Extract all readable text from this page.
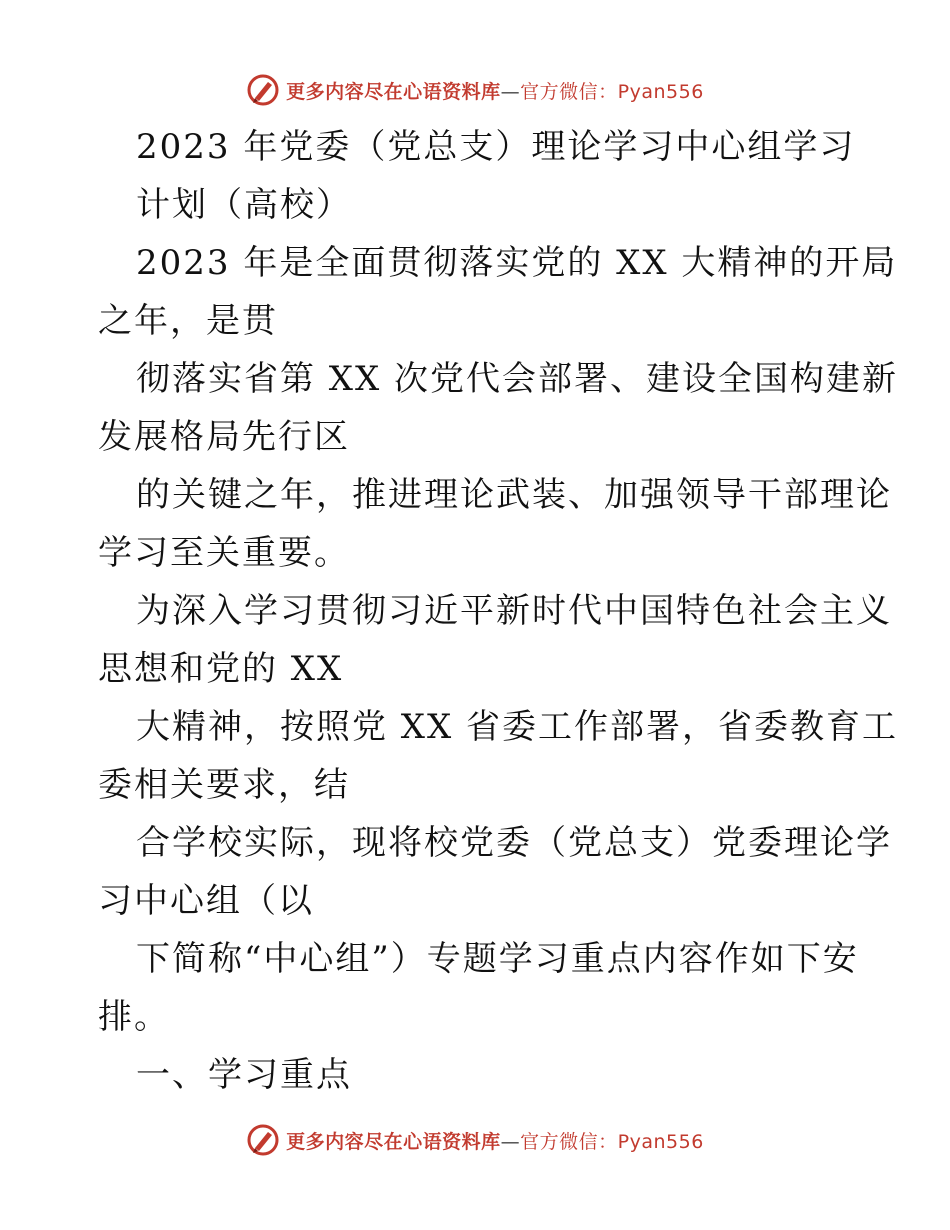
更多内容尽在心语资料库—官方微信：Pyan556
2023 年党委（党总支）理论学习中心组学习
计划（高校）
2023 年是全面贯彻落实党的 XX 大精神的开局
之年，是贯
彻落实省第 XX 次党代会部署、建设全国构建新
发展格局先行区
的关键之年，推进理论武装、加强领导干部理论
学习至关重要。
为深入学习贯彻习近平新时代中国特色社会主义
思想和党的 XX
大精神，按照党 XX 省委工作部署，省委教育工
委相关要求，结
合学校实际，现将校党委（党总支）党委理论学
习中心组（以
下简称“中心组”）专题学习重点内容作如下安
排。
一、学习重点
更多内容尽在心语资料库—官方微信：Pyan556
